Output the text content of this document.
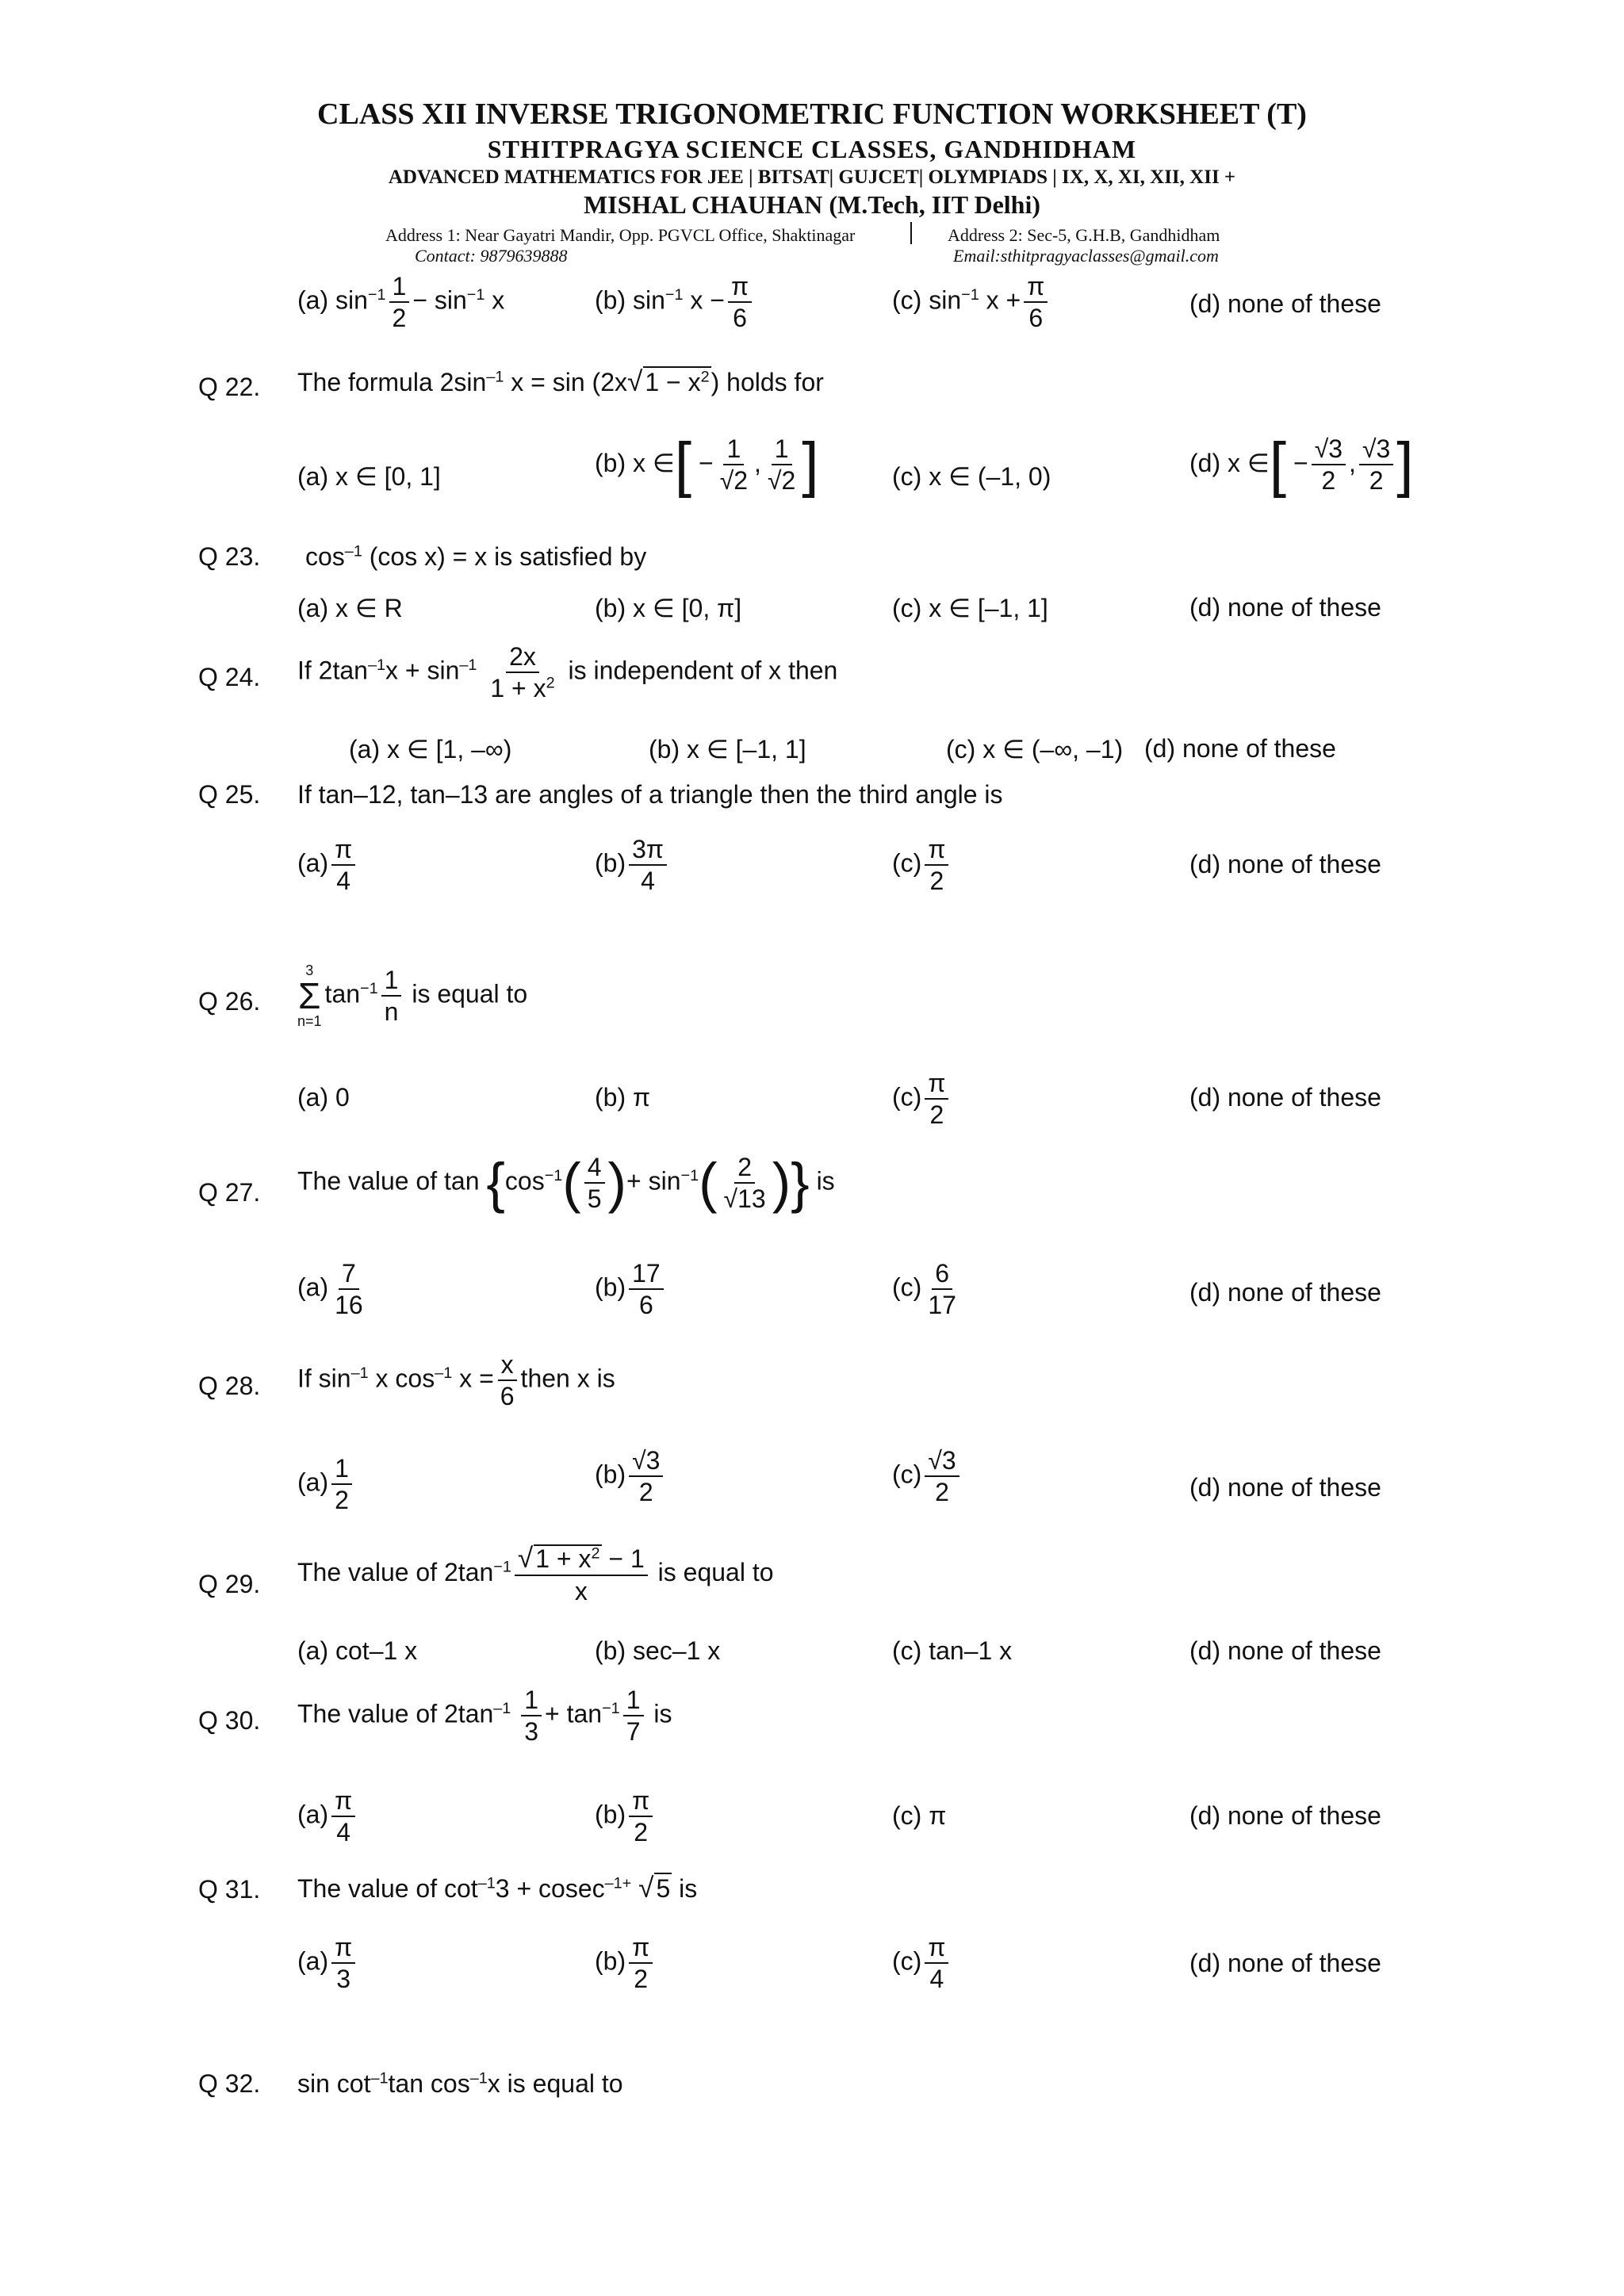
CLASS XII INVERSE TRIGONOMETRIC FUNCTION WORKSHEET (T)
STHITPRAGYA SCIENCE CLASSES, GANDHIDHAM
ADVANCED MATHEMATICS FOR JEE | BITSAT| GUJCET| OLYMPIADS | IX, X, XI, XII, XII +
MISHAL CHAUHAN (M.Tech, IIT Delhi)
Address 1: Near Gayatri Mandir, Opp. PGVCL Office, Shaktinagar	Address 2: Sec-5, G.H.B, Gandhidham
Contact: 9879639888	Email:sthitpragyaclasses@gmail.com
(a) $\sin^{-1} \frac{1}{2} - \sin^{-1} x$	(b) $\sin^{-1} x - \frac{\pi}{6}$	(c) $\sin^{-1} x + \frac{\pi}{6}$	(d) none of these
Q 22. The formula $2\sin^{-1}$ $x = \sin (2x√1 - x^2)$ holds for
(a) x ∈ [0, 1]	(b) x ∈[ − $\frac{1}{√2}$ , $\frac{1}{√2}$ ]	(c) x ∈ (–1, 0)	(d) x ∈[ − $\frac{√3}{2}$ , $\frac{√3}{2}$ ]
Q 23. $\cos^{-1} (\cos$ x) = x is satisfied by
(a) x ∈ R	(b) x ∈ [0, π]	(c) x ∈ [–1, 1]	(d) none of these
Q 24. If $2\tan^{-1}x + \sin^{-1} \frac{2x}{1 + x^2}$ is independent of x then
(a) x ∈ [1, –∞)	(b) x ∈ [–1, 1]	(c) x ∈ (–∞, –1) (d) none of these
Q 25. If tan–12, tan–13 are angles of a triangle then the third angle is
$(a) \frac{\pi}{4}$	$(b) \frac{3\pi}{4}$	$(c) \frac{\pi}{2}$	(d) none of these
Q 26.
3
Σ
n=1
$\tan^{-1} \frac{1}{n}$ is equal to
(a) 0	(b) π	$(c) \frac{\pi}{2}$	(d) none of these
Q 27. The value of $\tan \{\cos^{-1}( \frac{4}{5}$ )+ $\sin^{-1}( \frac{2}{√13}$ )} is
$(a) \frac{7}{16}$	$(b) \frac{17}{6}$	$(c) \frac{6}{17}$	(d) none of these
Q 28. If $\sin^{-1} x$ $\cos^{-1} x = \frac{x}{6}$ then x is
$(a) \frac{1}{2}$	$(b) \frac{√3}{2}$	$(c) \frac{√3}{2}$	(d) none of these
Q 29. The value of $2\tan^{-1} \frac{√1 + x^2 - 1}{x}$ is equal to
(a) cot–1 x	(b) sec–1 x	(c) tan–1 x	(d) none of these
Q 30. The value of $2\tan^{-1} \frac{1}{3} + \tan^{-1} \frac{1}{7}$ is
$(a) \frac{\pi}{4}$	$(b) \frac{\pi}{2}$	(c) π	(d) none of these
Q 31. The value of $\cot^{-1}3 + cosec^{-1+}$ √5 is
$(a) \frac{\pi}{3}$	$(b) \frac{\pi}{2}$	$(c) \frac{\pi}{4}$	(d) none of these
Q 32. $\sin \cot^{-1}\tan$ $\cos^{-1}x$ is equal to
